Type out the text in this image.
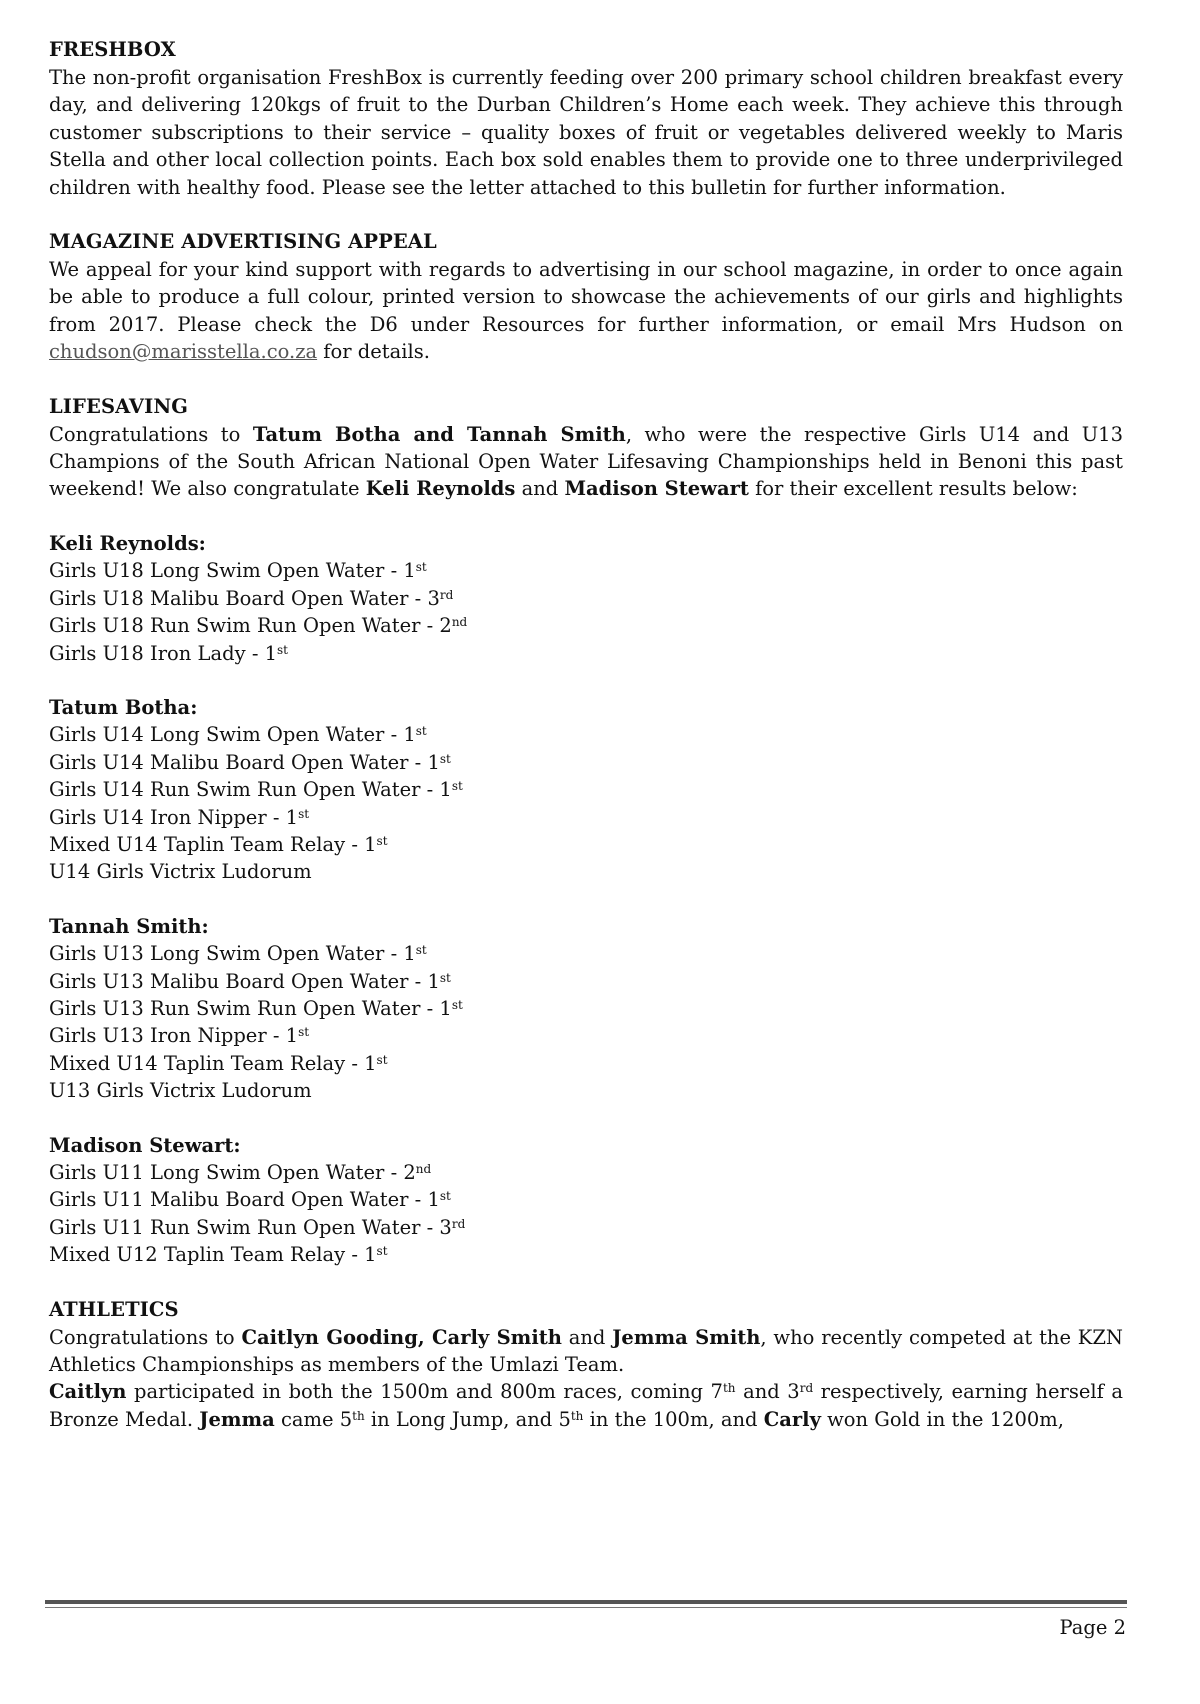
FRESHBOX

The non-profit organisation FreshBox is currently feeding over 200 primary school children breakfast every day, and delivering 120kgs of fruit to the Durban Children’s Home each week. They achieve this through customer subscriptions to their service – quality boxes of fruit or vegetables delivered weekly to Maris Stella and other local collection points. Each box sold enables them to provide one to three underprivileged children with healthy food. Please see the letter attached to this bulletin for further information.

MAGAZINE ADVERTISING APPEAL

We appeal for your kind support with regards to advertising in our school magazine, in order to once again be able to produce a full colour, printed version to showcase the achievements of our girls and highlights from 2017. Please check the D6 under Resources for further information, or email Mrs Hudson on chudson@marisstella.co.za for details.

LIFESAVING

Congratulations to Tatum Botha and Tannah Smith, who were the respective Girls U14 and U13 Champions of the South African National Open Water Lifesaving Championships held in Benoni this past weekend! We also congratulate Keli Reynolds and Madison Stewart for their excellent results below:

Keli Reynolds:
Girls U18 Long Swim Open Water - 1st
Girls U18 Malibu Board Open Water - 3rd
Girls U18 Run Swim Run Open Water - 2nd
Girls U18 Iron Lady - 1st
Tatum Botha:
Girls U14 Long Swim Open Water - 1st
Girls U14 Malibu Board Open Water - 1st
Girls U14 Run Swim Run Open Water - 1st
Girls U14 Iron Nipper - 1st
Mixed U14 Taplin Team Relay - 1st
U14 Girls Victrix Ludorum
Tannah Smith:
Girls U13 Long Swim Open Water - 1st
Girls U13 Malibu Board Open Water - 1st
Girls U13 Run Swim Run Open Water - 1st
Girls U13 Iron Nipper - 1st
Mixed U14 Taplin Team Relay - 1st
U13 Girls Victrix Ludorum
Madison Stewart:
Girls U11 Long Swim Open Water - 2nd
Girls U11 Malibu Board Open Water - 1st
Girls U11 Run Swim Run Open Water - 3rd
Mixed U12 Taplin Team Relay - 1st
ATHLETICS

Congratulations to Caitlyn Gooding, Carly Smith and Jemma Smith, who recently competed at the KZN Athletics Championships as members of the Umlazi Team.

Caitlyn participated in both the 1500m and 800m races, coming 7th and 3rd respectively, earning herself a Bronze Medal. Jemma came 5th in Long Jump, and 5th in the 100m, and Carly won Gold in the 1200m,

Page 2
